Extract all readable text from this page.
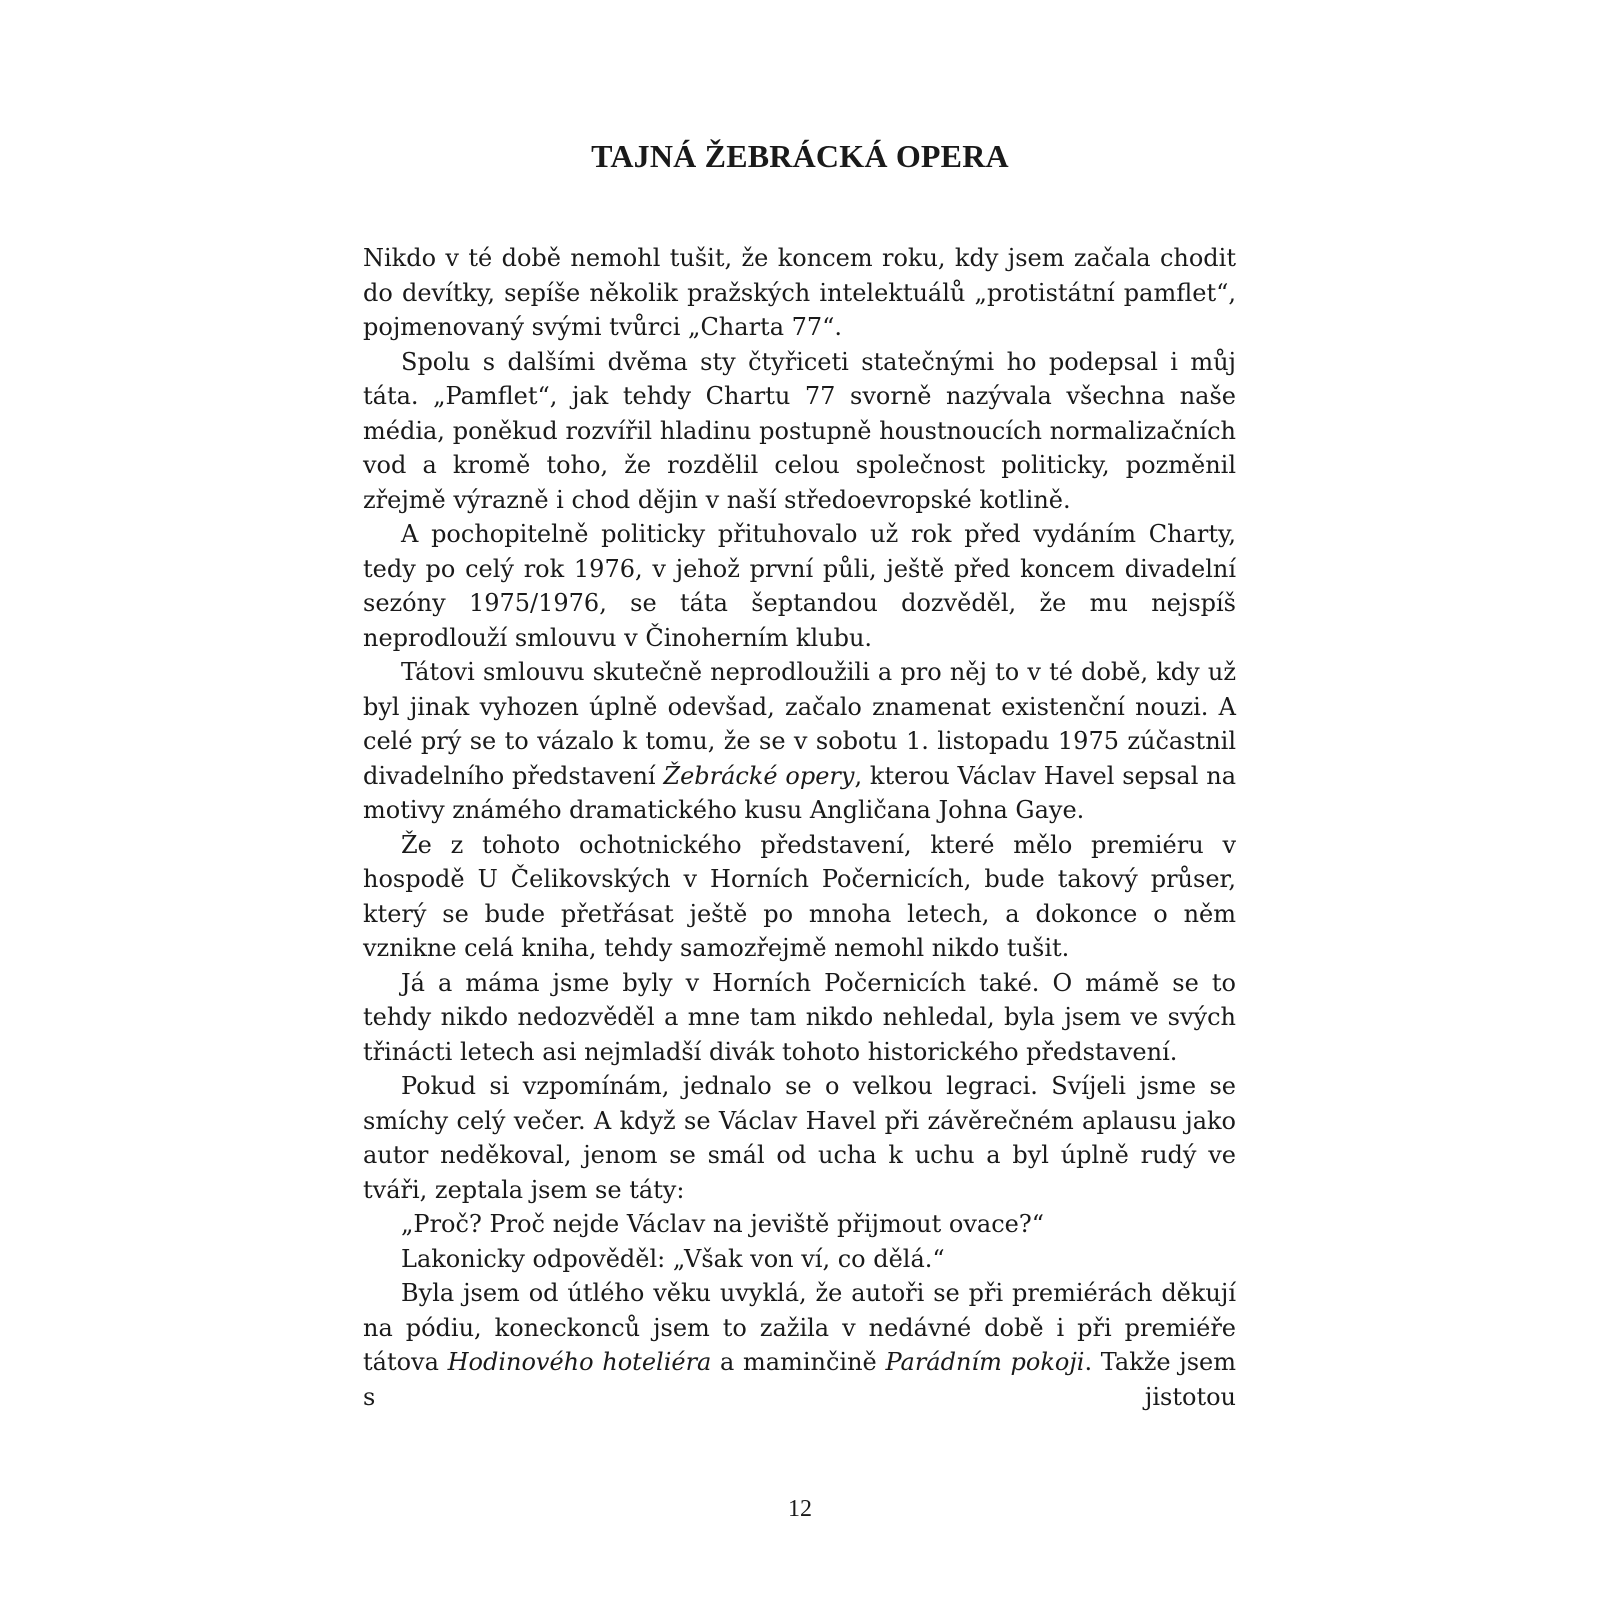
TAJNÁ ŽEBRÁCKÁ OPERA

Nikdo v té době nemohl tušit, že koncem roku, kdy jsem začala chodit do devítky, sepíše několik pražských intelektuálů „protistátní pamflet“, pojmenovaný svými tvůrci „Charta 77“.

Spolu s dalšími dvěma sty čtyřiceti statečnými ho podepsal i můj táta. „Pamflet“, jak tehdy Chartu 77 svorně nazývala všechna naše média, poněkud rozvířil hladinu postupně houstnoucích normalizačních vod a kromě toho, že rozdělil celou společnost politicky, pozměnil zřejmě výrazně i chod dějin v naší středoevropské kotlině.

A pochopitelně politicky přituhovalo už rok před vydáním Charty, tedy po celý rok 1976, v jehož první půli, ještě před koncem divadelní sezóny 1975/1976, se táta šeptandou dozvěděl, že mu nejspíš neprodlouží smlouvu v Činoherním klubu.

Tátovi smlouvu skutečně neprodloužili a pro něj to v té době, kdy už byl jinak vyhozen úplně odevšad, začalo znamenat existenční nouzi. A celé prý se to vázalo k tomu, že se v sobotu 1. listopadu 1975 zúčastnil divadelního představení Žebrácké opery, kterou Václav Havel sepsal na motivy známého dramatického kusu Angličana Johna Gaye.

Že z tohoto ochotnického představení, které mělo premiéru v hospodě U Čelikovských v Horních Počernicích, bude takový průser, který se bude přetřásat ještě po mnoha letech, a dokonce o něm vznikne celá kniha, tehdy samozřejmě nemohl nikdo tušit.

Já a máma jsme byly v Horních Počernicích také. O mámě se to tehdy nikdo nedozvěděl a mne tam nikdo nehledal, byla jsem ve svých třinácti letech asi nejmladší divák tohoto historického představení.

Pokud si vzpomínám, jednalo se o velkou legraci. Svíjeli jsme se smíchy celý večer. A když se Václav Havel při závěrečném aplausu jako autor neděkoval, jenom se smál od ucha k uchu a byl úplně rudý ve tváři, zeptala jsem se táty:

„Proč? Proč nejde Václav na jeviště přijmout ovace?“

Lakonicky odpověděl: „Však von ví, co dělá.“

Byla jsem od útlého věku uvyklá, že autoři se při premiérách děkují na pódiu, koneckonců jsem to zažila v nedávné době i při premiéře tátova Hodinového hoteliéra a maminčině Parádním pokoji. Takže jsem s jistotou

12
